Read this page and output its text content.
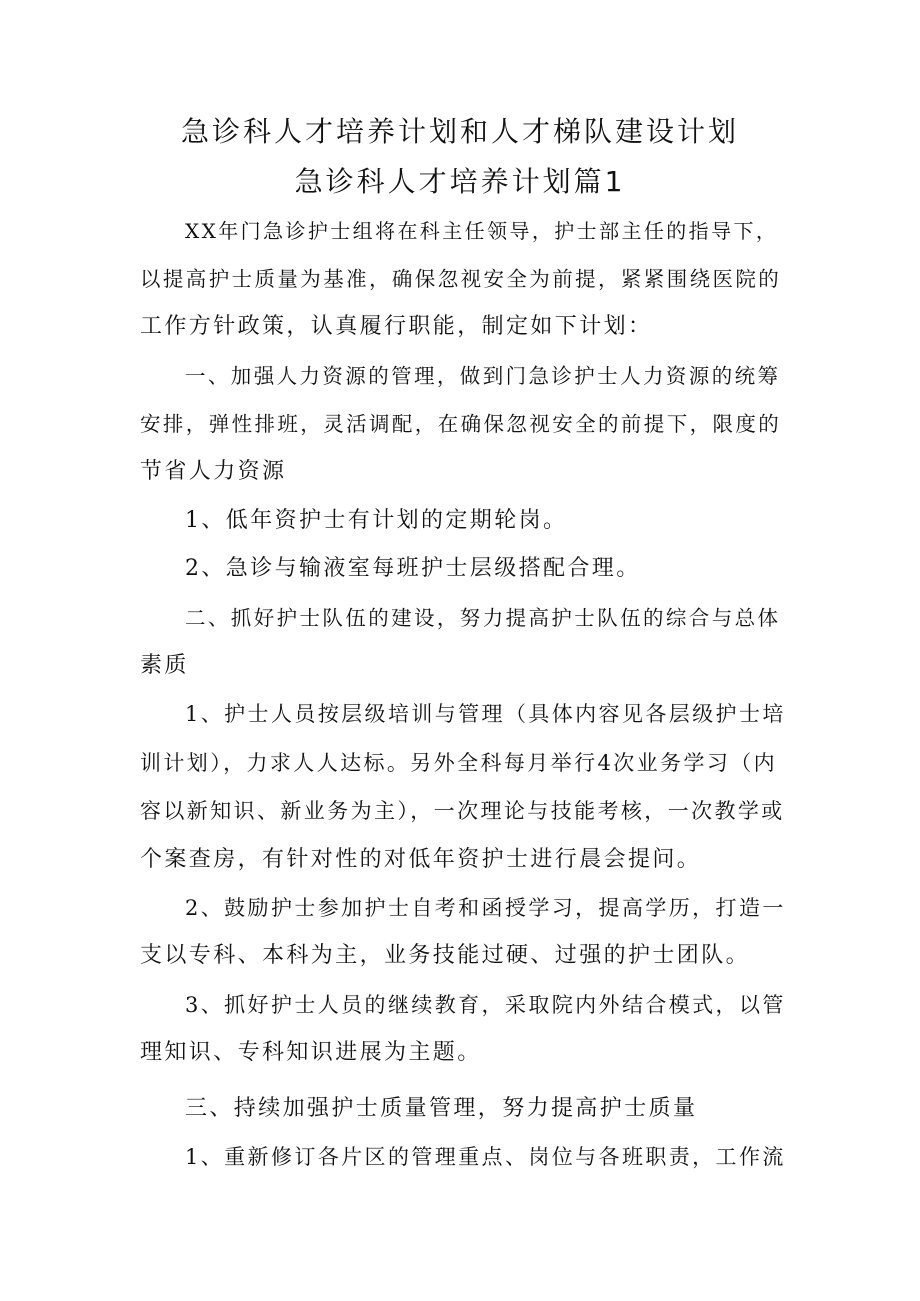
急诊科人才培养计划和人才梯队建设计划
急诊科人才培养计划篇1

XX年门急诊护士组将在科主任领导，护士部主任的指导下，

以提高护士质量为基准，确保忽视安全为前提，紧紧围绕医院的

工作方针政策，认真履行职能，制定如下计划：

一、加强人力资源的管理，做到门急诊护士人力资源的统筹

安排，弹性排班，灵活调配，在确保忽视安全的前提下，限度的

节省人力资源

1、低年资护士有计划的定期轮岗。

2、急诊与输液室每班护士层级搭配合理。

二、抓好护士队伍的建设，努力提高护士队伍的综合与总体

素质

1、护士人员按层级培训与管理（具体内容见各层级护士培

训计划），力求人人达标。另外全科每月举行4次业务学习（内

容以新知识、新业务为主），一次理论与技能考核，一次教学或

个案查房，有针对性的对低年资护士进行晨会提问。

2、鼓励护士参加护士自考和函授学习，提高学历，打造一

支以专科、本科为主，业务技能过硬、过强的护士团队。

3、抓好护士人员的继续教育，采取院内外结合模式，以管

理知识、专科知识进展为主题。

三、持续加强护士质量管理，努力提高护士质量

1、重新修订各片区的管理重点、岗位与各班职责，工作流
